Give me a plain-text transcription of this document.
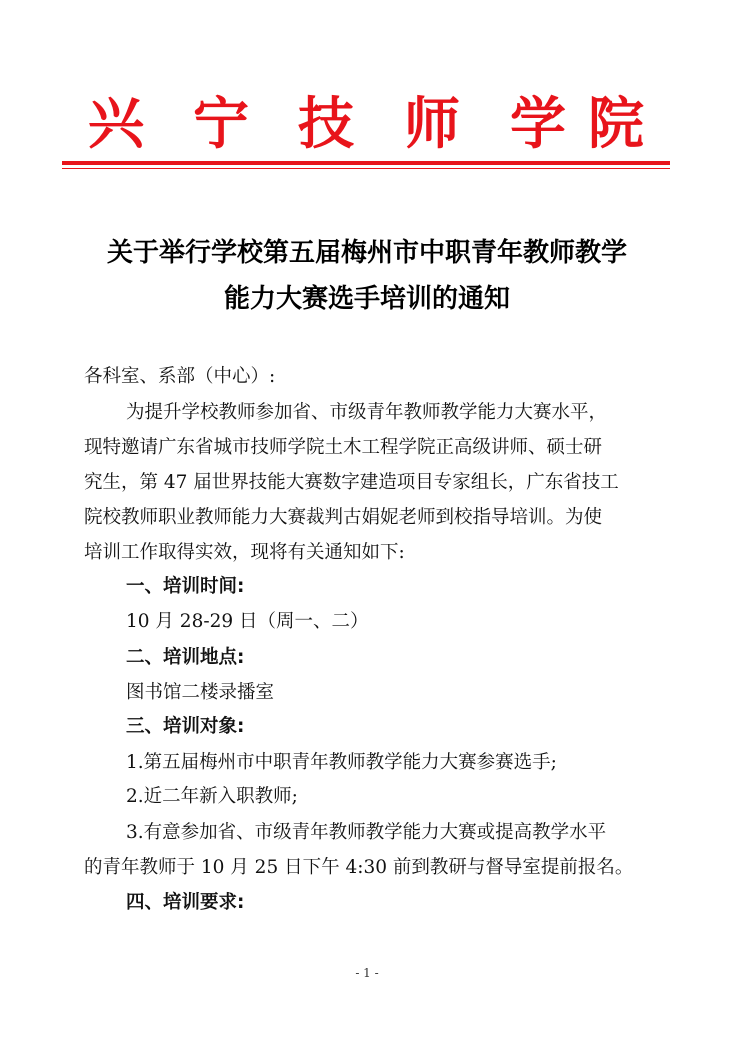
兴 宁 技 师 学 院
关于举行学校第五届梅州市中职青年教师教学
能力大赛选手培训的通知
各科室、系部（中心）:
为提升学校教师参加省、市级青年教师教学能力大赛水平，
现特邀请广东省城市技师学院土木工程学院正高级讲师、硕士研
究生，第 47 届世界技能大赛数字建造项目专家组长，广东省技工
院校教师职业教师能力大赛裁判古娟妮老师到校指导培训。为使
培训工作取得实效，现将有关通知如下:
一、培训时间:
10 月 28-29 日（周一、二）
二、培训地点:
图书馆二楼录播室
三、培训对象:
1.第五届梅州市中职青年教师教学能力大赛参赛选手;
2.近二年新入职教师;
3.有意参加省、市级青年教师教学能力大赛或提高教学水平
的青年教师于 10 月 25 日下午 4:30 前到教研与督导室提前报名。
四、培训要求:
- 1 -
